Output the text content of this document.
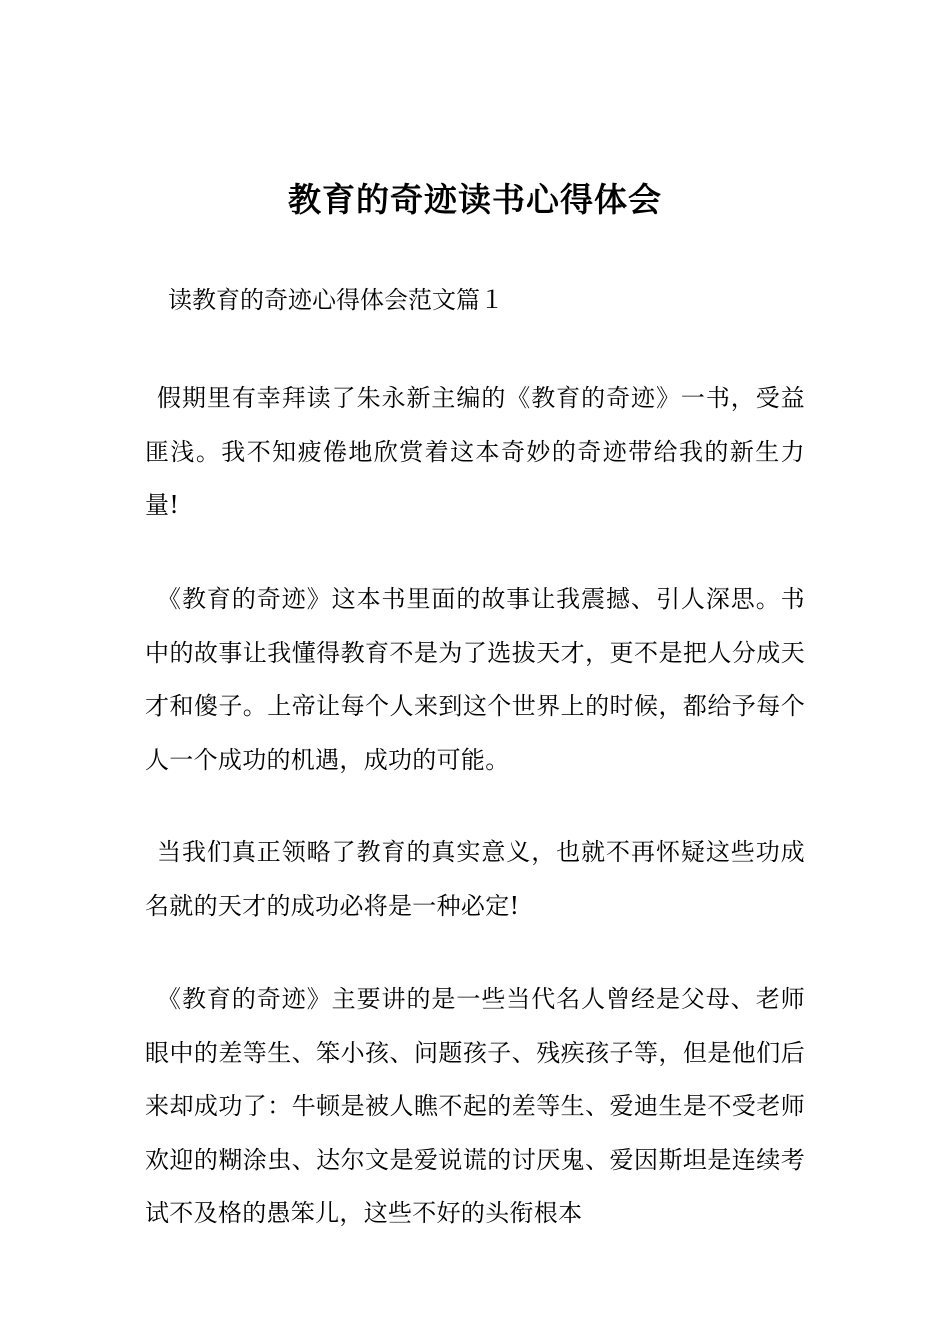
教育的奇迹读书心得体会

读教育的奇迹心得体会范文篇１

假期里有幸拜读了朱永新主编的《教育的奇迹》一书，受益匪浅。我不知疲倦地欣赏着这本奇妙的奇迹带给我的新生力量!

《教育的奇迹》这本书里面的故事让我震撼、引人深思。书中的故事让我懂得教育不是为了选拔天才，更不是把人分成天才和傻子。上帝让每个人来到这个世界上的时候，都给予每个人一个成功的机遇，成功的可能。

当我们真正领略了教育的真实意义，也就不再怀疑这些功成名就的天才的成功必将是一种必定!

《教育的奇迹》主要讲的是一些当代名人曾经是父母、老师眼中的差等生、笨小孩、问题孩子、残疾孩子等，但是他们后来却成功了：牛顿是被人瞧不起的差等生、爱迪生是不受老师欢迎的糊涂虫、达尔文是爱说谎的讨厌鬼、爱因斯坦是连续考试不及格的愚笨儿，这些不好的头衔根本
